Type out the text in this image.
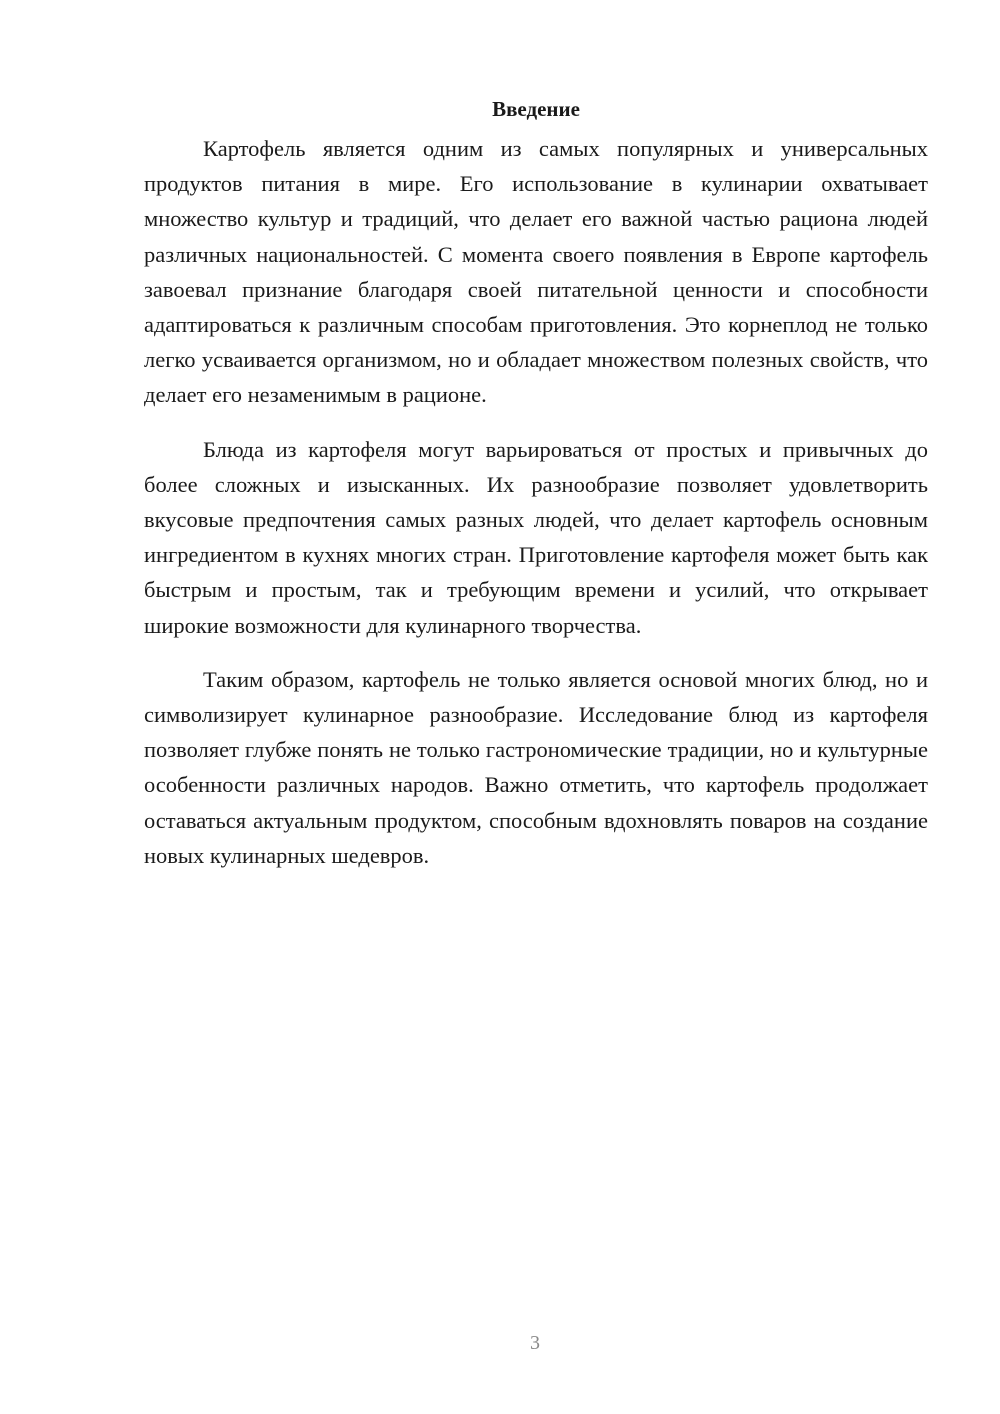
Введение

Картофель является одним из самых популярных и универсальных продуктов питания в мире. Его использование в кулинарии охватывает множество культур и традиций, что делает его важной частью рациона людей различных национальностей. С момента своего появления в Европе картофель завоевал признание благодаря своей питательной ценности и способности адаптироваться к различным способам приготовления. Это корнеплод не только легко усваивается организмом, но и обладает множеством полезных свойств, что делает его незаменимым в рационе.

Блюда из картофеля могут варьироваться от простых и привычных до более сложных и изысканных. Их разнообразие позволяет удовлетворить вкусовые предпочтения самых разных людей, что делает картофель основным ингредиентом в кухнях многих стран. Приготовление картофеля может быть как быстрым и простым, так и требующим времени и усилий, что открывает широкие возможности для кулинарного творчества.

Таким образом, картофель не только является основой многих блюд, но и символизирует кулинарное разнообразие. Исследование блюд из картофеля позволяет глубже понять не только гастрономические традиции, но и культурные особенности различных народов. Важно отметить, что картофель продолжает оставаться актуальным продуктом, способным вдохновлять поваров на создание новых кулинарных шедевров.

3
